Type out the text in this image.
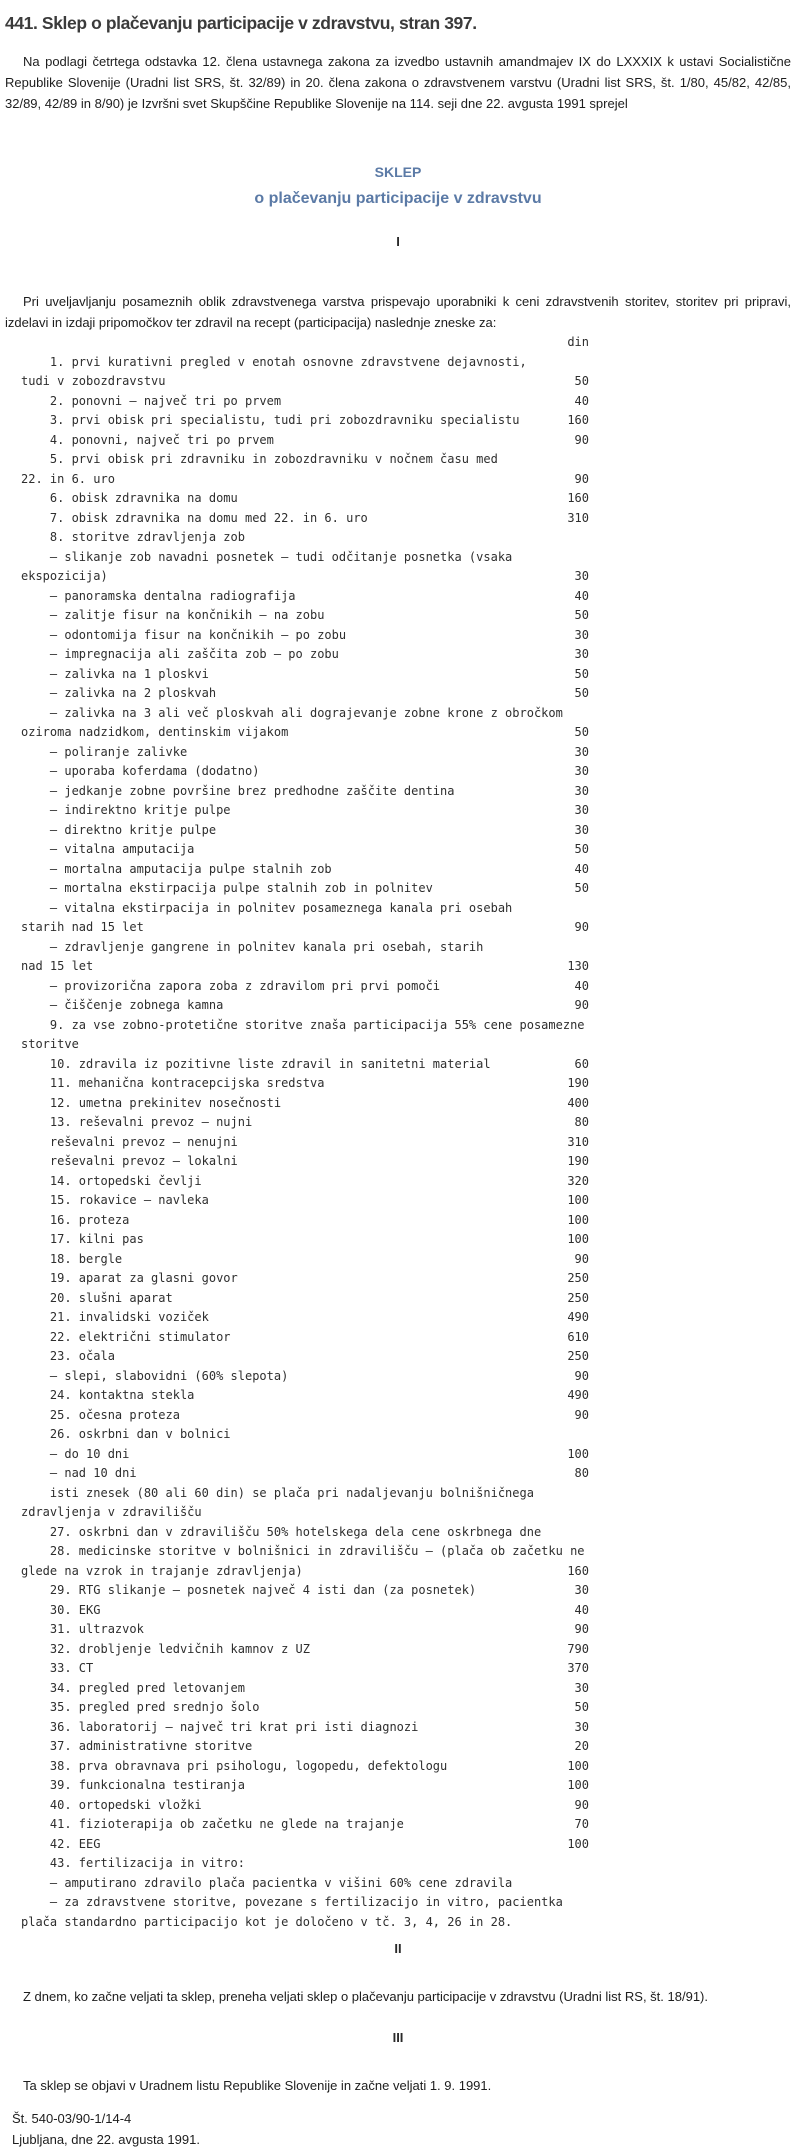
441. Sklep o plačevanju participacije v zdravstvu, stran 397.

Na podlagi četrtega odstavka 12. člena ustavnega zakona za izvedbo ustavnih amandmajev IX do LXXXIX k ustavi Socialistične Republike Slovenije (Uradni list SRS, št. 32/89) in 20. člena zakona o zdravstvenem varstvu (Uradni list SRS, št. 1/80, 45/82, 42/85, 32/89, 42/89 in 8/90) je Izvršni svet Skupščine Republike Slovenije na 114. seji dne 22. avgusta 1991 sprejel

SKLEP
o plačevanju participacije v zdravstvu
I

Pri uveljavljanju posameznih oblik zdravstvenega varstva prispevajo uporabniki k ceni zdravstvenih storitev, storitev pri pripravi, izdelavi in izdaji pripomočkov ter zdravil na recept (participacija) naslednje zneske za:

din
1. prvi kurativni pregled v enotah osnovne zdravstvene dejavnosti,
tudi v zobozdravstvu	50
2. ponovni — največ tri po prvem	40
3. prvi obisk pri specialistu, tudi pri zobozdravniku specialistu	160
4. ponovni, največ tri po prvem	90
5. prvi obisk pri zdravniku in zobozdravniku v nočnem času med
22. in 6. uro	90
6. obisk zdravnika na domu	160
7. obisk zdravnika na domu med 22. in 6. uro	310
8. storitve zdravljenja zob
— slikanje zob navadni posnetek — tudi odčitanje posnetka (vsaka
ekspozicija)	30
— panoramska dentalna radiografija	40
— zalitje fisur na končnikih — na zobu	50
— odontomija fisur na končnikih — po zobu	30
— impregnacija ali zaščita zob — po zobu	30
— zalivka na 1 ploskvi	50
— zalivka na 2 ploskvah	50
— zalivka na 3 ali več ploskvah ali dograjevanje zobne krone z obročkom
oziroma nadzidkom, dentinskim vijakom	50
— poliranje zalivke	30
— uporaba koferdama (dodatno)	30
— jedkanje zobne površine brez predhodne zaščite dentina	30
— indirektno kritje pulpe	30
— direktno kritje pulpe	30
— vitalna amputacija	50
— mortalna amputacija pulpe stalnih zob	40
— mortalna ekstirpacija pulpe stalnih zob in polnitev	50
— vitalna ekstirpacija in polnitev posameznega kanala pri osebah
starih nad 15 let	90
— zdravljenje gangrene in polnitev kanala pri osebah, starih
nad 15 let	130
— provizorična zapora zoba z zdravilom pri prvi pomoči	40
— čiščenje zobnega kamna	90
9. za vse zobno-protetične storitve znaša participacija 55% cene posamezne
storitve
10. zdravila iz pozitivne liste zdravil in sanitetni material	60
11. mehanična kontracepcijska sredstva	190
12. umetna prekinitev nosečnosti	400
13. reševalni prevoz — nujni	80
reševalni prevoz — nenujni	310
reševalni prevoz — lokalni	190
14. ortopedski čevlji	320
15. rokavice — navleka	100
16. proteza	100
17. kilni pas	100
18. bergle	90
19. aparat za glasni govor	250
20. slušni aparat	250
21. invalidski voziček	490
22. električni stimulator	610
23. očala	250
— slepi, slabovidni (60% slepota)	90
24. kontaktna stekla	490
25. očesna proteza	90
26. oskrbni dan v bolnici
— do 10 dni	100
— nad 10 dni	80
isti znesek (80 ali 60 din) se plača pri nadaljevanju bolnišničnega
zdravljenja v zdravilišču
27. oskrbni dan v zdravilišču 50% hotelskega dela cene oskrbnega dne
28. medicinske storitve v bolnišnici in zdravilišču — (plača ob začetku ne
glede na vzrok in trajanje zdravljenja)	160
29. RTG slikanje — posnetek največ 4 isti dan (za posnetek)	30
30. EKG	40
31. ultrazvok	90
32. drobljenje ledvičnih kamnov z UZ	790
33. CT	370
34. pregled pred letovanjem	30
35. pregled pred srednjo šolo	50
36. laboratorij — največ tri krat pri isti diagnozi	30
37. administrativne storitve	20
38. prva obravnava pri psihologu, logopedu, defektologu	100
39. funkcionalna testiranja	100
40. ortopedski vložki	90
41. fizioterapija ob začetku ne glede na trajanje	70
42. EEG	100
43. fertilizacija in vitro:
— amputirano zdravilo plača pacientka v višini 60% cene zdravila
— za zdravstvene storitve, povezane s fertilizacijo in vitro, pacientka
plača standardno participacijo kot je določeno v tč. 3, 4, 26 in 28.
II

Z dnem, ko začne veljati ta sklep, preneha veljati sklep o plačevanju participacije v zdravstvu (Uradni list RS, št. 18/91).

III

Ta sklep se objavi v Uradnem listu Republike Slovenije in začne veljati 1. 9. 1991.

Št. 540-03/90-1/14-4
Ljubljana, dne 22. avgusta 1991.
